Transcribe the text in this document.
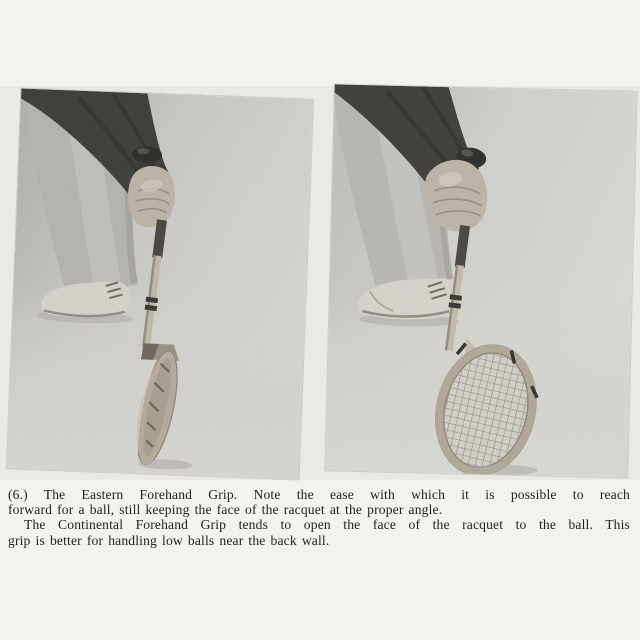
(6.) The Eastern Forehand Grip. Note the ease with which it is possible to reach
forward for a ball, still keeping the face of the racquet at the proper angle.
The Continental Forehand Grip tends to open the face of the racquet to the ball. This
grip is better for handling low balls near the back wall.
